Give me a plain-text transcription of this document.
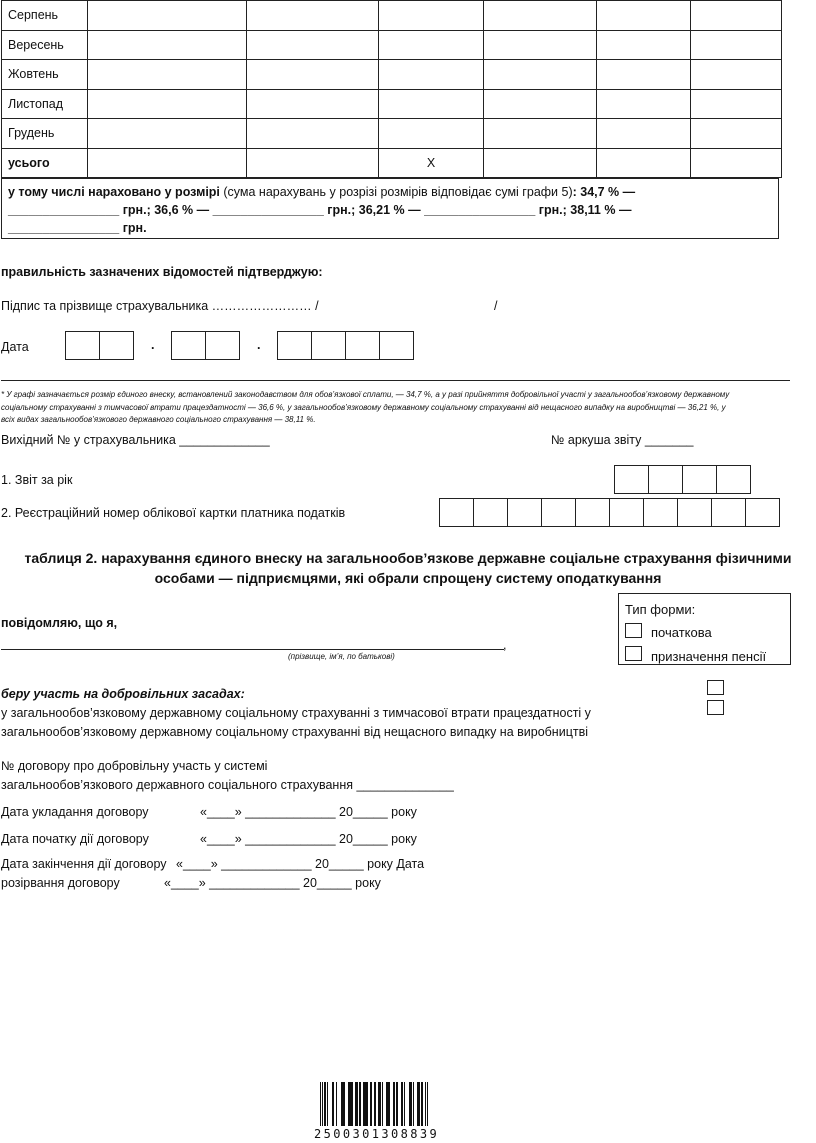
Серпень						
Вересень						
Жовтень						
Листопад						
Грудень						
усього			X			
у тому числі нараховано у розмірі (сума нарахувань у розрізі розмірів відповідає сумі графи 5): 34,7 % —
________________ грн.; 36,6 % — ________________ грн.; 36,21 % — ________________ грн.; 38,11 % —
________________ грн.
правильність зазначених відомостей підтверджую:
Підпис та прізвище страхувальника …………………… /	/
Дата	.	.
* У графі зазначається розмір єдиного внеску, встановлений законодавством для обов’язкової сплати, — 34,7 %, а у разі прийняття добровільної участі у загальнообов’язковому державному соціальному страхуванні з тимчасової втрати працездатності — 36,6 %, у загальнообов’язковому державному соціальному страхуванні від нещасного випадку на виробництві — 36,21 %, у всіх видах загальнообов’язкового державного соціального страхування — 38,11 %.
Вихідний № у страхувальника _____________	№ аркуша звіту _______
1. Звіт за рік
2. Реєстраційний номер облікової картки платника податків
таблиця 2. нарахування єдиного внеску на загальнообов’язкове державне соціальне страхування фізичними
особами — підприємцями, які обрали спрощену систему оподаткування
повідомляю, що я,
,
(прізвище, ім’я, по батькові)
Тип форми:
початкова
призначення пенсії
беру участь на добровільних засадах:
у загальнообов’язковому державному соціальному страхуванні з тимчасової втрати працездатності у
загальнообов’язковому державному соціальному страхуванні від нещасного випадку на виробництві
№ договору про добровільну участь у системі
загальнообов’язкового державного соціального страхування ______________
Дата укладання договору	«____» _____________ 20_____ року
Дата початку дії договору	«____» _____________ 20_____ року
Дата закінчення дії договору «____» _____________ 20_____ року Дата
розірвання договору	«____» _____________ 20_____ року
2500301308839
